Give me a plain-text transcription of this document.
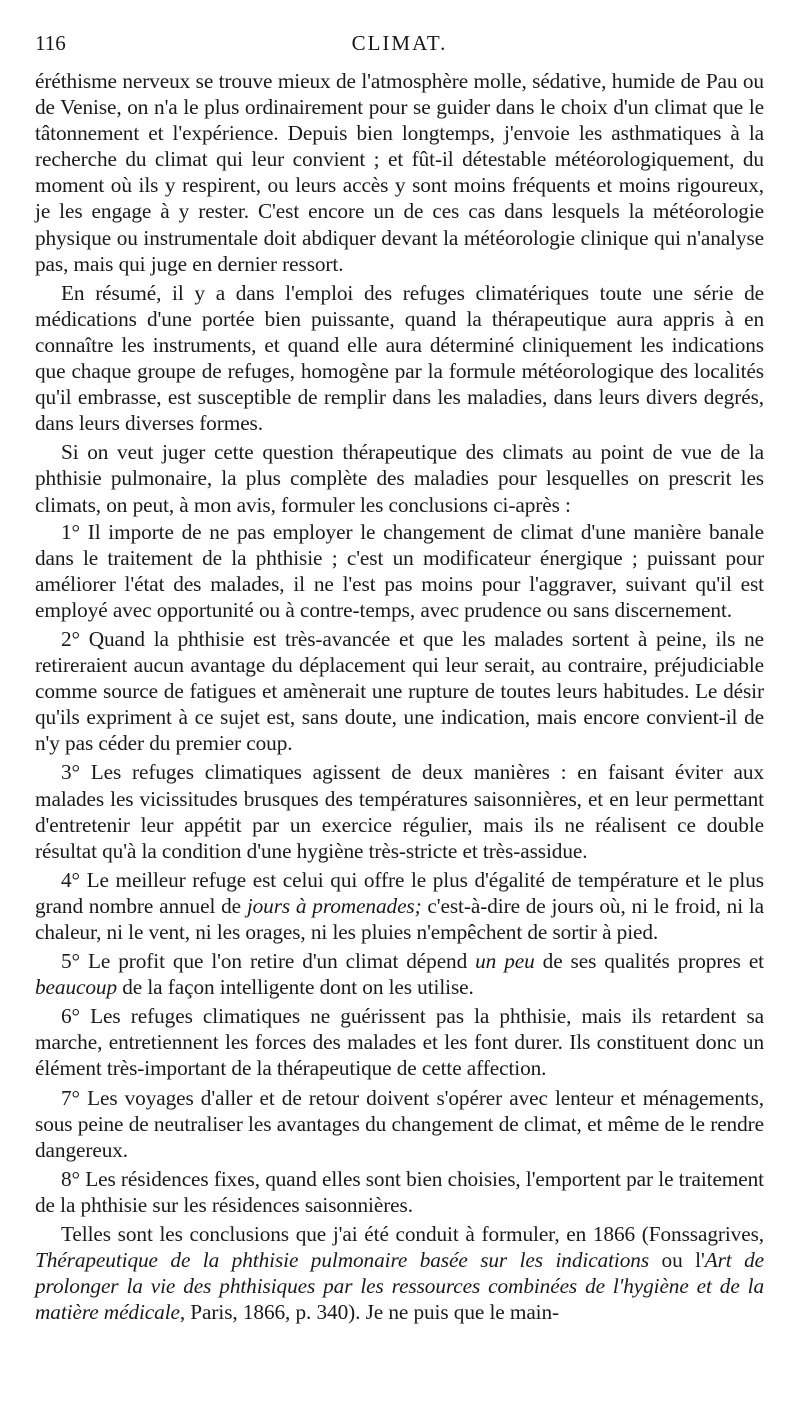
116	CLIMAT.

éréthisme nerveux se trouve mieux de l'atmosphère molle, sédative, humide de Pau ou de Venise, on n'a le plus ordinairement pour se guider dans le choix d'un climat que le tâtonnement et l'expérience. Depuis bien longtemps, j'envoie les asthmatiques à la recherche du climat qui leur convient ; et fût-il détestable météorologiquement, du moment où ils y respirent, ou leurs accès y sont moins fréquents et moins rigoureux, je les engage à y rester. C'est encore un de ces cas dans lesquels la météorologie physique ou instrumentale doit abdiquer devant la météorologie clinique qui n'analyse pas, mais qui juge en dernier ressort.

En résumé, il y a dans l'emploi des refuges climatériques toute une série de médications d'une portée bien puissante, quand la thérapeutique aura appris à en connaître les instruments, et quand elle aura déterminé cliniquement les indications que chaque groupe de refuges, homogène par la formule météorologique des localités qu'il embrasse, est susceptible de remplir dans les maladies, dans leurs divers degrés, dans leurs diverses formes.

Si on veut juger cette question thérapeutique des climats au point de vue de la phthisie pulmonaire, la plus complète des maladies pour lesquelles on prescrit les climats, on peut, à mon avis, formuler les conclusions ci-après :

1° Il importe de ne pas employer le changement de climat d'une manière banale dans le traitement de la phthisie ; c'est un modificateur énergique ; puissant pour améliorer l'état des malades, il ne l'est pas moins pour l'aggraver, suivant qu'il est employé avec opportunité ou à contre-temps, avec prudence ou sans discernement.

2° Quand la phthisie est très-avancée et que les malades sortent à peine, ils ne retireraient aucun avantage du déplacement qui leur serait, au contraire, préjudiciable comme source de fatigues et amènerait une rupture de toutes leurs habitudes. Le désir qu'ils expriment à ce sujet est, sans doute, une indication, mais encore convient-il de n'y pas céder du premier coup.

3° Les refuges climatiques agissent de deux manières : en faisant éviter aux malades les vicissitudes brusques des températures saisonnières, et en leur permettant d'entretenir leur appétit par un exercice régulier, mais ils ne réalisent ce double résultat qu'à la condition d'une hygiène très-stricte et très-assidue.

4° Le meilleur refuge est celui qui offre le plus d'égalité de température et le plus grand nombre annuel de jours à promenades; c'est-à-dire de jours où, ni le froid, ni la chaleur, ni le vent, ni les orages, ni les pluies n'empêchent de sortir à pied.

5° Le profit que l'on retire d'un climat dépend un peu de ses qualités propres et beaucoup de la façon intelligente dont on les utilise.

6° Les refuges climatiques ne guérissent pas la phthisie, mais ils retardent sa marche, entretiennent les forces des malades et les font durer. Ils constituent donc un élément très-important de la thérapeutique de cette affection.

7° Les voyages d'aller et de retour doivent s'opérer avec lenteur et ménagements, sous peine de neutraliser les avantages du changement de climat, et même de le rendre dangereux.

8° Les résidences fixes, quand elles sont bien choisies, l'emportent par le traitement de la phthisie sur les résidences saisonnières.

Telles sont les conclusions que j'ai été conduit à formuler, en 1866 (Fonssagrives, Thérapeutique de la phthisie pulmonaire basée sur les indications ou l'Art de prolonger la vie des phthisiques par les ressources combinées de l'hygiène et de la matière médicale, Paris, 1866, p. 340). Je ne puis que le main-
